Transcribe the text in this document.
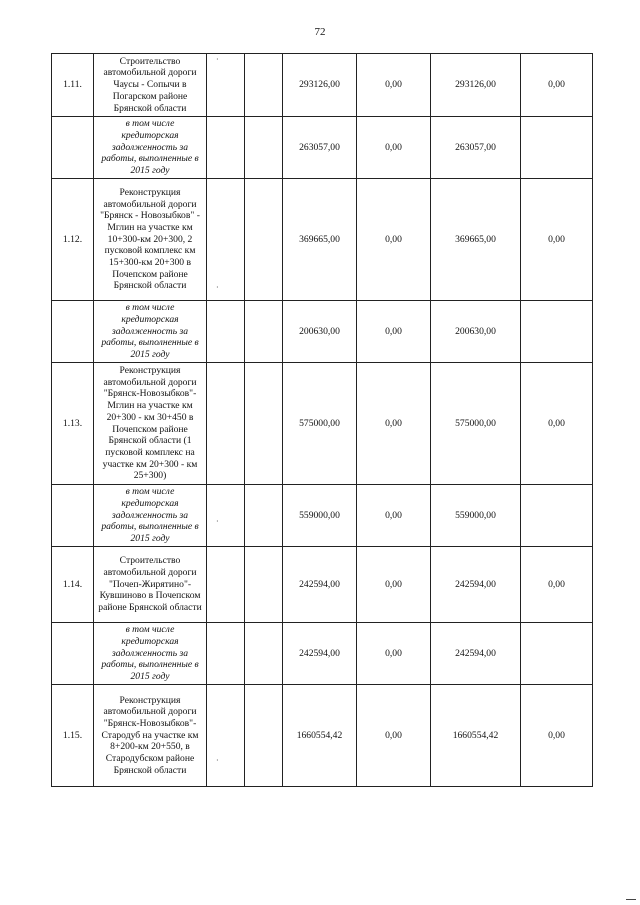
72
1.11.	Строительство автомобильной дороги Чаусы - Сопычи в Погарском районе Брянской области			293126,00	0,00	293126,00	0,00
	в том числе кредиторская задолженность за работы, выполненные в 2015 году			263057,00	0,00	263057,00	
1.12.	Реконструкция автомобильной дороги "Брянск - Новозыбков" - Мглин на участке км 10+300-км 20+300, 2 пусковой комплекс км 15+300-км 20+300 в Почепском районе Брянской области			369665,00	0,00	369665,00	0,00
	в том числе кредиторская задолженность за работы, выполненные в 2015 году			200630,00	0,00	200630,00	
1.13.	Реконструкция автомобильной дороги "Брянск-Новозыбков"-Мглин на участке км 20+300 - км 30+450 в Почепском районе Брянской области (1 пусковой комплекс на участке км 20+300 - км 25+300)			575000,00	0,00	575000,00	0,00
	в том числе кредиторская задолженность за работы, выполненные в 2015 году			559000,00	0,00	559000,00	
1.14.	Строительство автомобильной дороги "Почеп-Жирятино"-Кувшиново в Почепском районе Брянской области			242594,00	0,00	242594,00	0,00
	в том числе кредиторская задолженность за работы, выполненные в 2015 году			242594,00	0,00	242594,00	
1.15.	Реконструкция автомобильной дороги "Брянск-Новозыбков"-Стародуб на участке км 8+200-км 20+550, в Стародубском районе Брянской области			1660554,42	0,00	1660554,42	0,00
·
·
·
·
